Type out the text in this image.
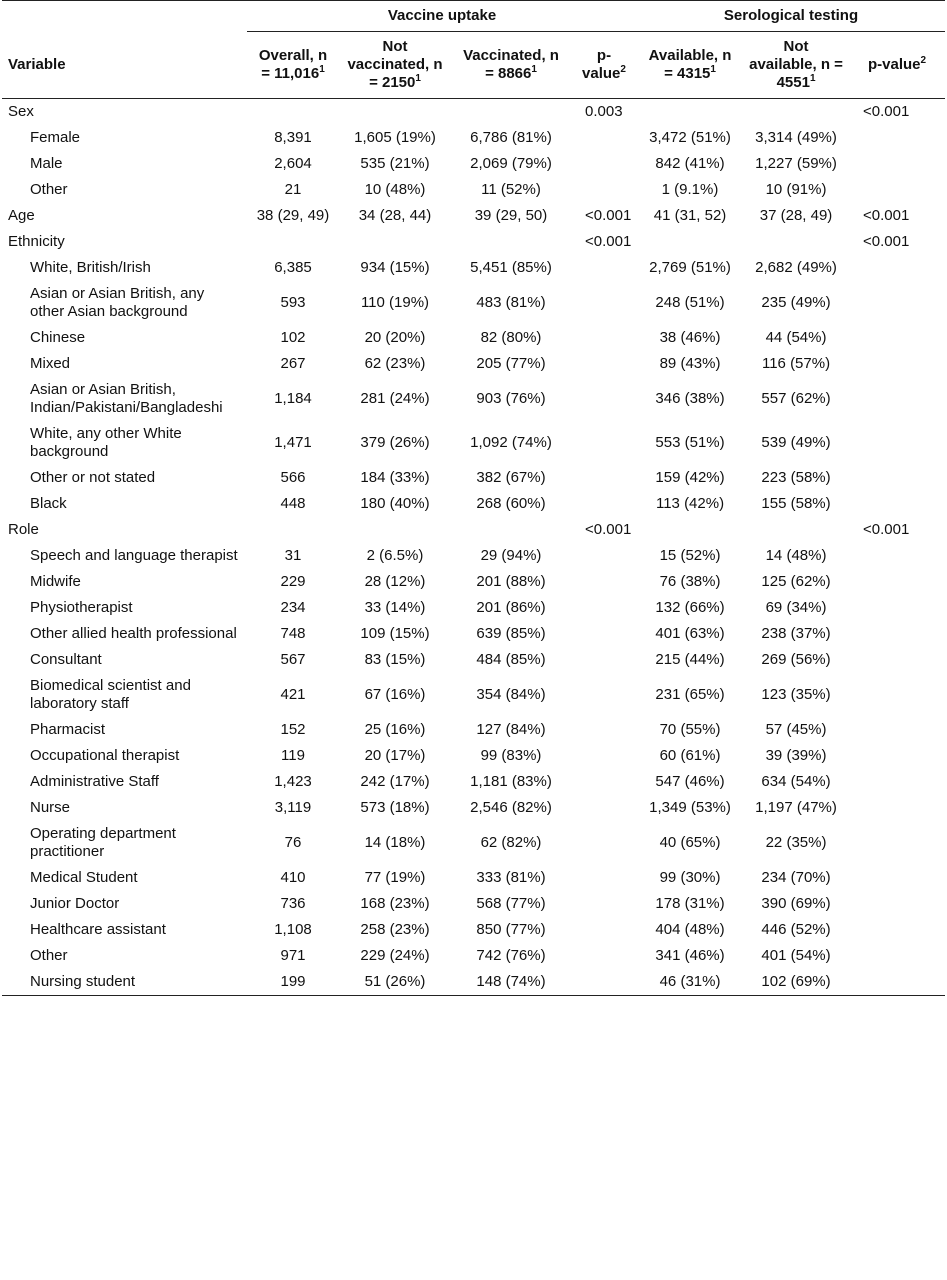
	Vaccine uptake				Serological testing		
Variable	Overall, $n = 11,016^1$	Not vaccinated, $n = 2150^1$	Vaccinated, $n = 8866^1$	p-value$^2$	Available, $n = 4315^1$	Not available, $n = 4551^1$	p-value$^2$
Sex				0.003			<0.001
Female	8,391	1,605 (19%)	6,786 (81%)		3,472 (51%)	3,314 (49%)	
Male	2,604	535 (21%)	2,069 (79%)		842 (41%)	1,227 (59%)	
Other	21	10 (48%)	11 (52%)		1 (9.1%)	10 (91%)	
Age	38 (29, 49)	34 (28, 44)	39 (29, 50)	<0.001	41 (31, 52)	37 (28, 49)	<0.001
Ethnicity				<0.001			<0.001
White, British/Irish	6,385	934 (15%)	5,451 (85%)		2,769 (51%)	2,682 (49%)	
Asian or Asian British, any other Asian background	593	110 (19%)	483 (81%)		248 (51%)	235 (49%)	
Chinese	102	20 (20%)	82 (80%)		38 (46%)	44 (54%)	
Mixed	267	62 (23%)	205 (77%)		89 (43%)	116 (57%)	
Asian or Asian British, Indian/Pakistani/Bangladeshi	1,184	281 (24%)	903 (76%)		346 (38%)	557 (62%)	
White, any other White background	1,471	379 (26%)	1,092 (74%)		553 (51%)	539 (49%)	
Other or not stated	566	184 (33%)	382 (67%)		159 (42%)	223 (58%)	
Black	448	180 (40%)	268 (60%)		113 (42%)	155 (58%)	
Role				<0.001			<0.001
Speech and language therapist	31	2 (6.5%)	29 (94%)		15 (52%)	14 (48%)	
Midwife	229	28 (12%)	201 (88%)		76 (38%)	125 (62%)	
Physiotherapist	234	33 (14%)	201 (86%)		132 (66%)	69 (34%)	
Other allied health professional	748	109 (15%)	639 (85%)		401 (63%)	238 (37%)	
Consultant	567	83 (15%)	484 (85%)		215 (44%)	269 (56%)	
Biomedical scientist and laboratory staff	421	67 (16%)	354 (84%)		231 (65%)	123 (35%)	
Pharmacist	152	25 (16%)	127 (84%)		70 (55%)	57 (45%)	
Occupational therapist	119	20 (17%)	99 (83%)		60 (61%)	39 (39%)	
Administrative Staff	1,423	242 (17%)	1,181 (83%)		547 (46%)	634 (54%)	
Nurse	3,119	573 (18%)	2,546 (82%)		1,349 (53%)	1,197 (47%)	
Operating department practitioner	76	14 (18%)	62 (82%)		40 (65%)	22 (35%)	
Medical Student	410	77 (19%)	333 (81%)		99 (30%)	234 (70%)	
Junior Doctor	736	168 (23%)	568 (77%)		178 (31%)	390 (69%)	
Healthcare assistant	1,108	258 (23%)	850 (77%)		404 (48%)	446 (52%)	
Other	971	229 (24%)	742 (76%)		341 (46%)	401 (54%)	
Nursing student	199	51 (26%)	148 (74%)		46 (31%)	102 (69%)	
